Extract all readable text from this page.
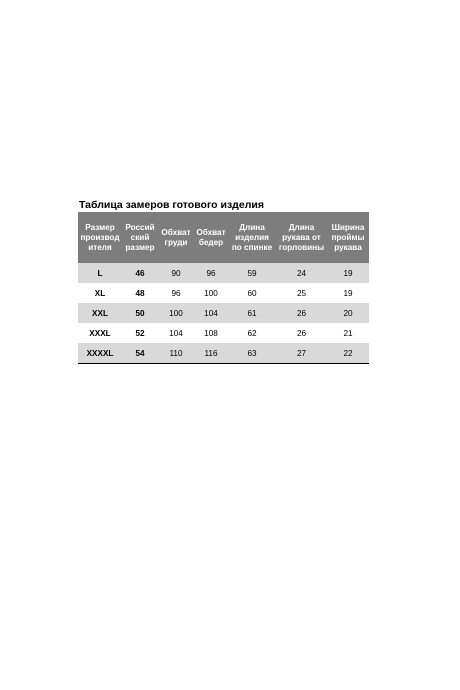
Таблица замеров готового изделия
Размер
производ
ителя	Россий
ский
размер	Обхват
груди	Обхват
бедер	Длина
изделия
по спинке	Длина
рукава от
горловины	Ширина
проймы
рукава
L	46	90	96	59	24	19
XL	48	96	100	60	25	19
XXL	50	100	104	61	26	20
XXXL	52	104	108	62	26	21
XXXXL	54	110	116	63	27	22
